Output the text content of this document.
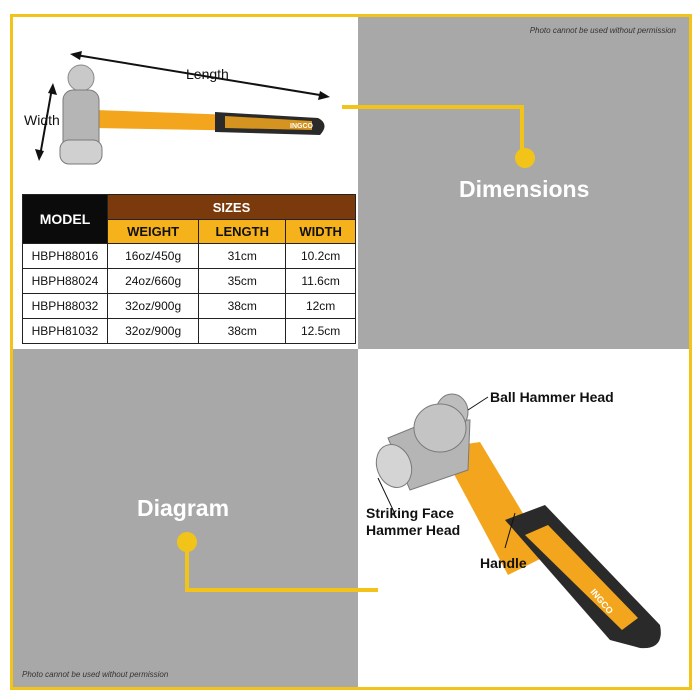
INGCO
INGCO
Photo cannot be used without permission
Photo cannot be used without permission
Length
Width
Dimensions
Diagram
Ball Hammer Head
Striking Face
Hammer Head
Handle
MODEL	SIZES		
	WEIGHT	LENGTH	WIDTH
HBPH88016	16oz/450g	31cm	10.2cm
HBPH88024	24oz/660g	35cm	11.6cm
HBPH88032	32oz/900g	38cm	12cm
HBPH81032	32oz/900g	38cm	12.5cm
